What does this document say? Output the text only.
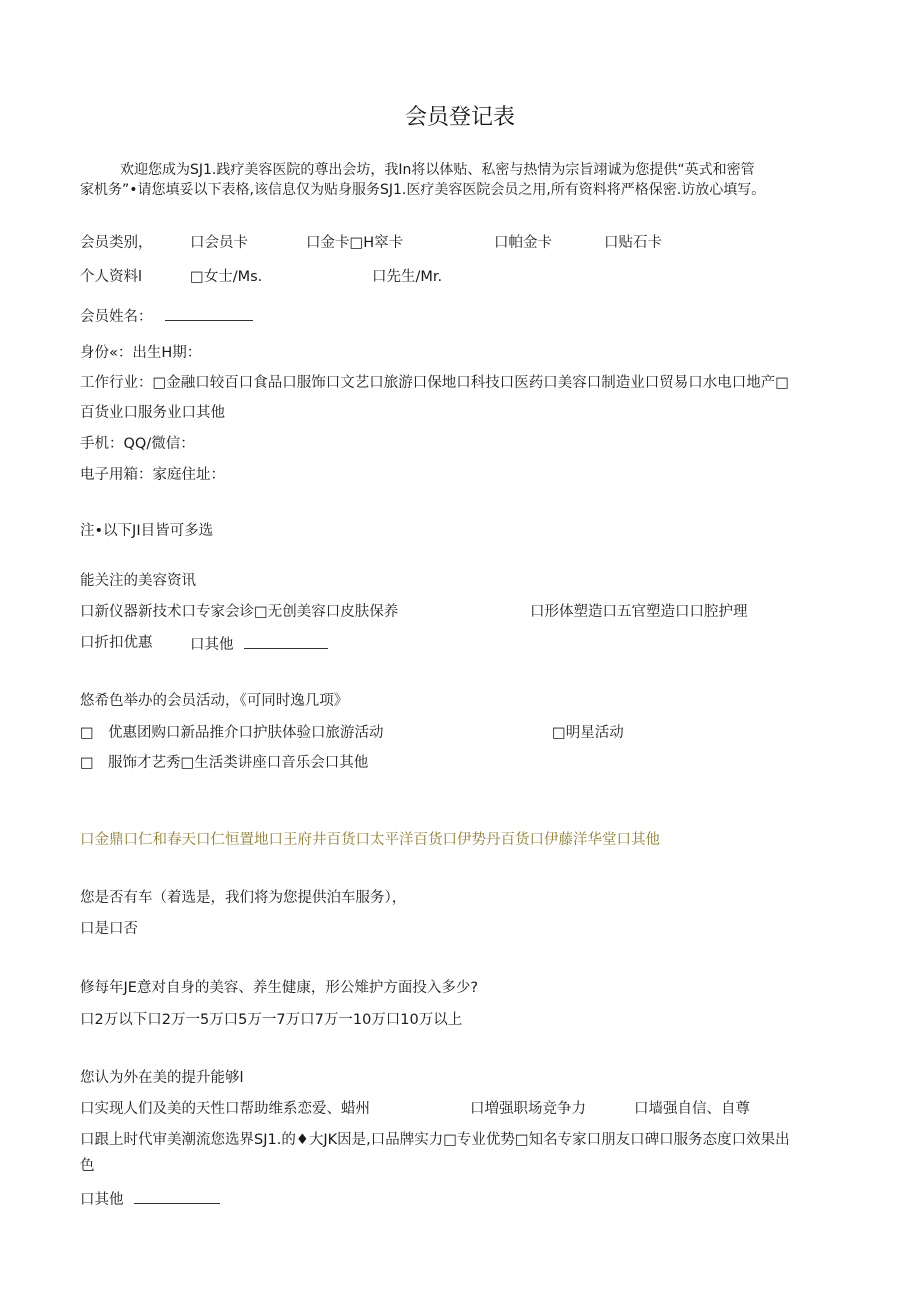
会员登记表
欢迎您成为SJ1.践疗美容医院的尊出会坊，我In将以体贴、私密与热情为宗旨翊诚为您提供“英式和密管
家机务”•请您填妥以下表格,该信息仅为贴身服务SJ1.医疗美容医院会员之用,所有资料将严格保密.访放心填写。
会员类别，	口会员卡	口金卡□H窣卡	口帕金卡	口贴石卡
个人资料l	□女士/Ms.	口先生/Mr.
会员姓名：
身份«：出生H期：
工作行业：□金融口较百口食品口服饰口文艺口旅游口保地口科技口医药口美容口制造业口贸易口水电口地产□
百货业口服务业口其他
手机：QQ/微信：
电子用箱：家庭住址：
注•以下JI目皆可多选
能关注的美容资讯
口新仪器新技术口专家会诊□无创美容口皮肤保养	口形体塑造口五官塑造口口腔护理
口折扣优惠	口其他
悠希色举办的会员活动，《可同时逸几项》
□ 优惠团购口新品推介口护肤体验口旅游活动	□明星活动
□ 服饰才艺秀□生活类讲座口音乐会口其他
口金鼎口仁和春天口仁恒置地口王府井百货口太平洋百货口伊势丹百货口伊藤洋华堂口其他
您是否有车（着选是，我们将为您提供泊车服务），
口是口否
修每年JE意对自身的美容、养生健康，形公雉护方面投入多少?
口2万以下口2万一5万口5万一7万口7万一10万口10万以上
您认为外在美的提升能够l
口实现人们及美的天性口帮助维系恋爱、蜡州	口増强职场竞争力	口墙强自信、自尊
口跟上时代审美潮流您选界SJ1.的♦大JK因是,口品牌实力□专业优势□知名专家口朋友口碑口服务态度口效果出
色
口其他
